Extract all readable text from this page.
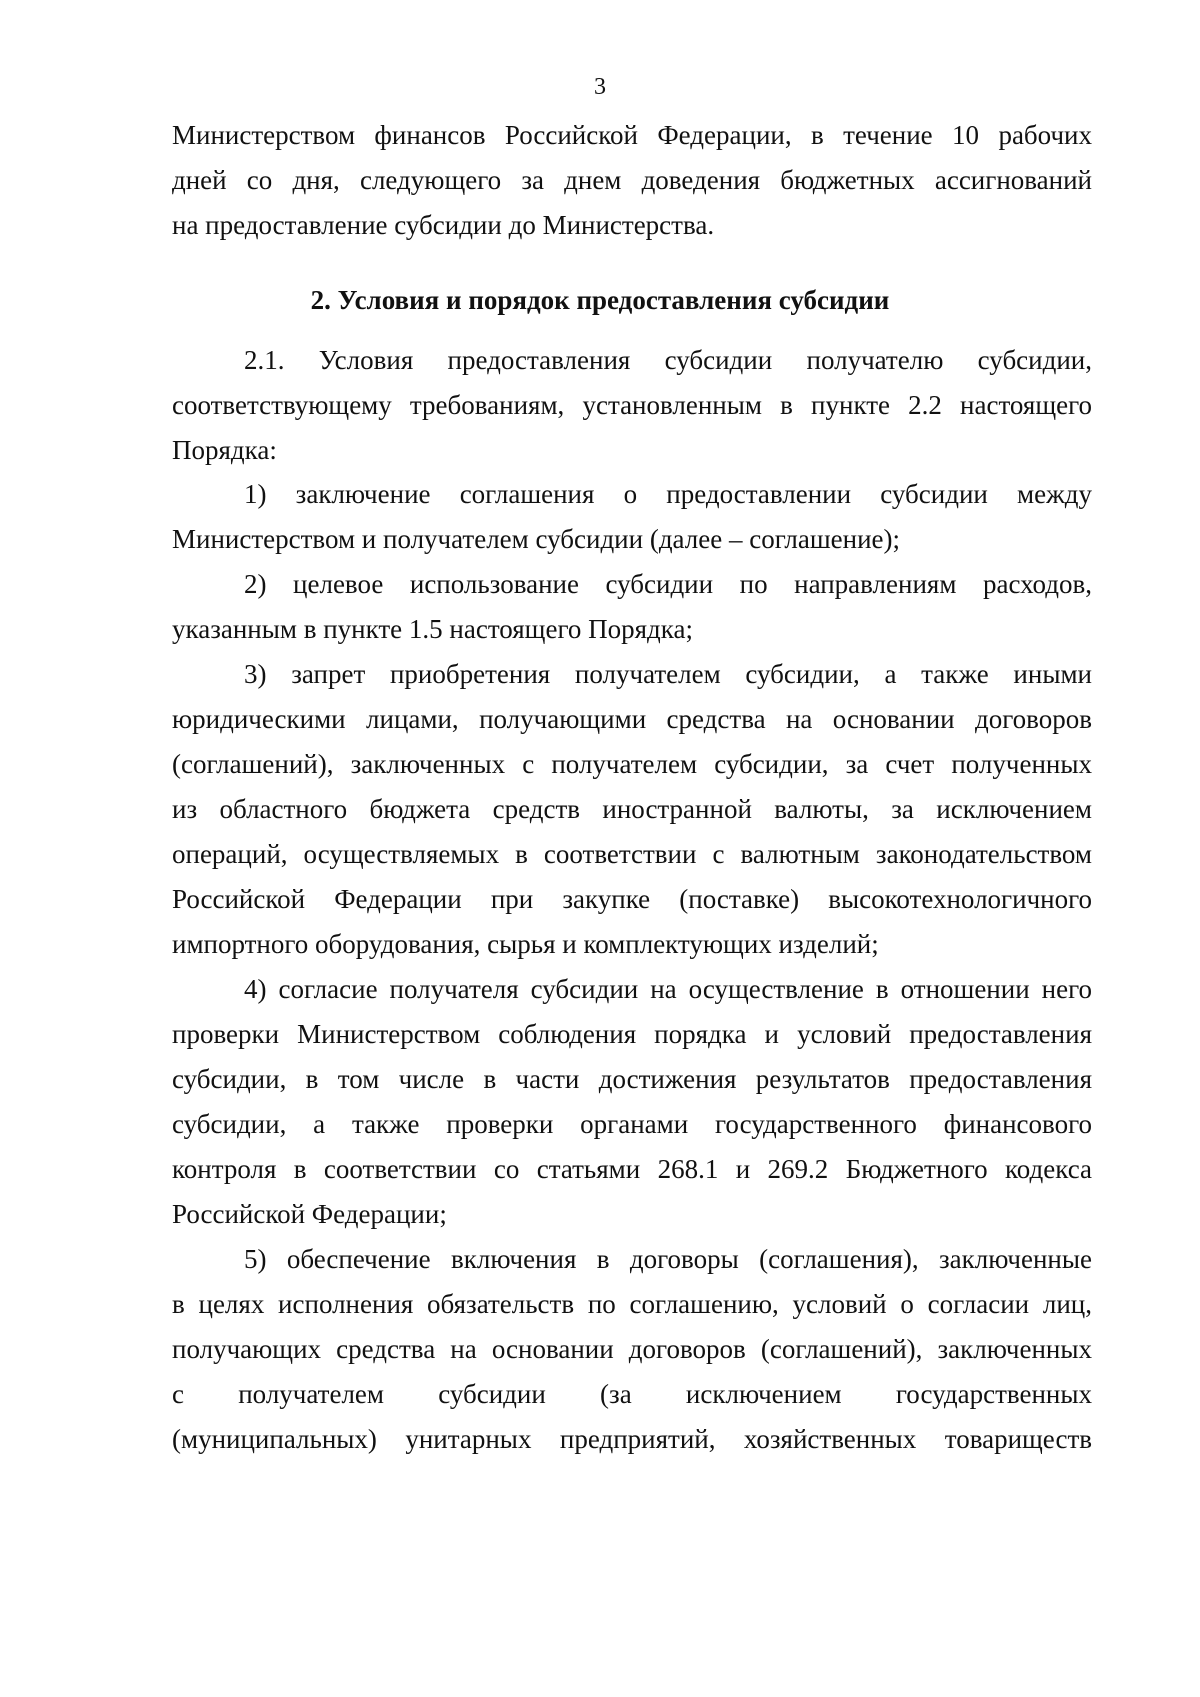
3
Министерством финансов Российской Федерации, в течение 10 рабочих
дней со дня, следующего за днем доведения бюджетных ассигнований
на предоставление субсидии до Министерства.
2. Условия и порядок предоставления субсидии
2.1. Условия предоставления субсидии получателю субсидии,
соответствующему требованиям, установленным в пункте 2.2 настоящего
Порядка:
1) заключение соглашения о предоставлении субсидии между
Министерством и получателем субсидии (далее – соглашение);
2) целевое использование субсидии по направлениям расходов,
указанным в пункте 1.5 настоящего Порядка;
3) запрет приобретения получателем субсидии, а также иными
юридическими лицами, получающими средства на основании договоров
(соглашений), заключенных с получателем субсидии, за счет полученных
из областного бюджета средств иностранной валюты, за исключением
операций, осуществляемых в соответствии с валютным законодательством
Российской Федерации при закупке (поставке) высокотехнологичного
импортного оборудования, сырья и комплектующих изделий;
4) согласие получателя субсидии на осуществление в отношении него
проверки Министерством соблюдения порядка и условий предоставления
субсидии, в том числе в части достижения результатов предоставления
субсидии, а также проверки органами государственного финансового
контроля в соответствии со статьями 268.1 и 269.2 Бюджетного кодекса
Российской Федерации;
5) обеспечение включения в договоры (соглашения), заключенные
в целях исполнения обязательств по соглашению, условий о согласии лиц,
получающих средства на основании договоров (соглашений), заключенных
с получателем субсидии (за исключением государственных
(муниципальных) унитарных предприятий, хозяйственных товариществ
